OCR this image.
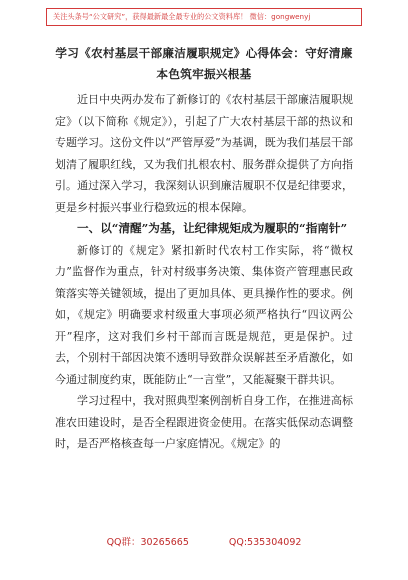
关注头条号“公文研究”，获得最新最全最专业的公文资料库！ 微信：gongwenyj

学习《农村基层干部廉洁履职规定》心得体会：守好清廉

本色筑牢振兴根基

近日中央两办发布了新修订的《农村基层干部廉洁履职规定》（以下简称《规定》），引起了广大农村基层干部的热议和专题学习。这份文件以“严管厚爱”为基调，既为我们基层干部划清了履职红线，又为我们扎根农村、服务群众提供了方向指引。通过深入学习，我深刻认识到廉洁履职不仅是纪律要求，更是乡村振兴事业行稳致远的根本保障。

一、以“清醒”为基，让纪律规矩成为履职的“指南针”

新修订的《规定》紧扣新时代农村工作实际，将“微权力”监督作为重点，针对村级事务决策、集体资产管理惠民政策落实等关键领域，提出了更加具体、更具操作性的要求。例如，《规定》明确要求村级重大事项必须严格执行“四议两公开”程序，这对我们乡村干部而言既是规范，更是保护。过去，个别村干部因决策不透明导致群众误解甚至矛盾激化，如今通过制度约束，既能防止“一言堂”，又能凝聚干群共识。

学习过程中，我对照典型案例剖析自身工作，在推进高标准农田建设时，是否全程跟进资金使用。在落实低保动态调整时，是否严格核查每一户家庭情况。《规定》的

QQ群：30265665	QQ:535304092
